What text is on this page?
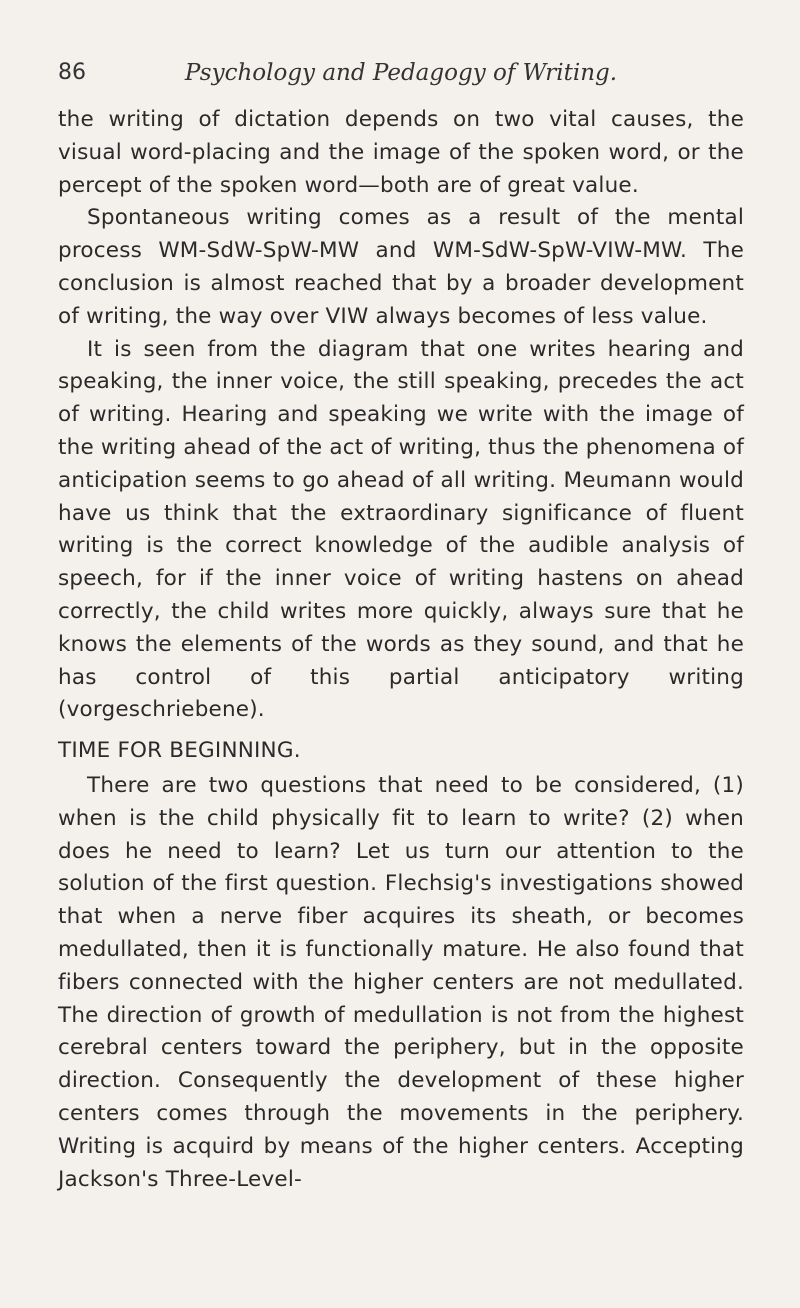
86	Psychology and Pedagogy of Writing.

the writing of dictation depends on two vital causes, the visual word-placing and the image of the spoken word, or the percept of the spoken word—both are of great value.

Spontaneous writing comes as a result of the mental process WM-SdW-SpW-MW and WM-SdW-SpW-VIW-MW. The conclusion is almost reached that by a broader development of writing, the way over VIW always becomes of less value.

It is seen from the diagram that one writes hearing and speaking, the inner voice, the still speaking, precedes the act of writing. Hearing and speaking we write with the image of the writing ahead of the act of writing, thus the phenomena of anticipation seems to go ahead of all writing. Meumann would have us think that the extraordinary significance of fluent writing is the correct knowledge of the audible analysis of speech, for if the inner voice of writing hastens on ahead correctly, the child writes more quickly, always sure that he knows the elements of the words as they sound, and that he has control of this partial anticipatory writing (vorgeschriebene).

TIME FOR BEGINNING.

There are two questions that need to be considered, (1) when is the child physically fit to learn to write? (2) when does he need to learn? Let us turn our attention to the solution of the first question. Flechsig's investigations showed that when a nerve fiber acquires its sheath, or becomes medullated, then it is functionally mature. He also found that fibers connected with the higher centers are not medullated. The direction of growth of medullation is not from the highest cerebral centers toward the periphery, but in the opposite direction. Consequently the development of these higher centers comes through the movements in the periphery. Writing is acquird by means of the higher centers. Accepting Jackson's Three-Level-
